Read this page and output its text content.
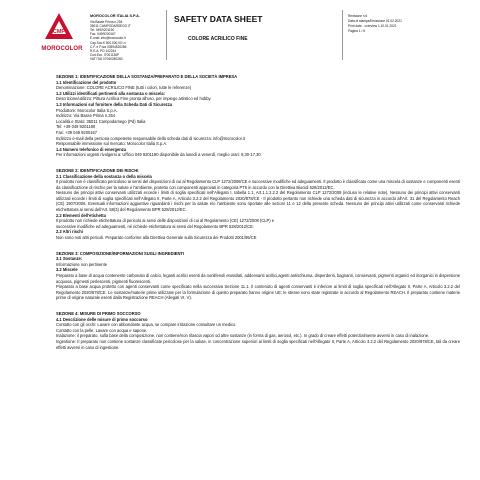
CMP
MOROCOLOR
MOROCOLOR ITALIA S.P.A.
Via Basse Prima n.254
35011 CAMPODARSEGO IT
Tel. 049/9201190
Fax. 049/9200167
E-mail: info@morocolor.it
Cap.Soc.€ 500.000,00 i.v.
C.F. e P.Iva 00594520286
R.E.A. PD 142244
Cod.Ecc. IT001136P
VAT ITAI 07040280280
SAFETY DATA SHEET
COLORE ACRILICO FINE
Revisione n.6
Data di stampa/Emissione 01.02.2021
Print date - overview 1.10.01.2021
Pagina 1 / 6
SEZIONE 1: IDENTIFICAZIONE DELLA SOSTANZA/PREPARATO E DELLA SOCIETÀ IMPRESA
1.1 Identificazione del prodotto
Denominazione: COLORE ACRILICO FINE (tutti i colori, tutte le referenze)
1.2 Utilizzi identificati pertinenti alla sostanza o miscela:
Descrizione/utilizzo: Pittura Acrilica Fine pronta all'uso, per impiego artistico ed hobby.
1.3 Informazioni sul fornitore della Scheda Dati di Sicurezza
Produttore: Morocolor Italia S.p.A.
Indirizzo: Via Basse Prima n.254
Località e Stato: 35011 Campodarsego (Pd) Italia
Tel: +39 049 9201190
Fax: +39 049 9200167
Indirizzo e-mail della persona competente responsabile della scheda dati di sicurezza: info@morocolor.it
Responsabile immissione sul mercato: Morocolor Italia S.p.A.
1.4 Numero telefonico di emergenza
Per informazioni urgenti rivolgersi a: Ufficio 049 9201190 disponibile da lunedì a venerdì, meglio orari: 8,30-17,30
SEZIONE 2: IDENTIFICAZIONE DEI RISCHI
2.1 Classificazione della sostanza o della miscela
Il prodotto non è classificato pericoloso ai sensi del disposizioni di cui al Regolamento CLP 1272/2008/CE e successive modifiche ed adeguamenti. Il prodotto è classificato come una miscela di sostanze e componenti esenti da classificazione di rischio per la salute e l'ambiente, protetto con componenti approvati in categoria PT6 in accordo con la Direttiva Biocidi 528/2012/EC.
Nessuno dei principi attivi conservanti utilizzati eccede i limiti di soglia specificati nell'Allegato I, tabella 1.1, Art.1.1.2.2.2 del Regolamento CLP 1272/2008 (incluso le relative note). Nessuno dei principi attivi conservanti utilizzati eccede i limiti di soglia specificati nell'Allegato II, Parte A, Articolo 3.2.2 del Regolamento 2020/878/CE - Il prodotto pertanto non richiede una scheda dati di sicurezza in accordo all'Art. 31 del Regolamento Reach (CE) 1907/2006. Eventuali informazioni aggiuntive riguardanti i rischi per la salute e/o l'ambiente sono riportate alle sezioni 11 e 12 della presente scheda. Nessuno dei principi attivi utilizzati come conservanti richiede etichettatura ai sensi dell'Art. 58(3) del Regolamento BPR 528/2012/EC.
2.2 Elementi dell'etichetta
Il prodotto non richiede etichettatura di pericolo ai sensi delle disposizioni di cui al Regolamento (CE) 1272/2008 (CLP) e
successive modifiche ed adeguamenti, né richiede etichettatura ai sensi del Regolamento BPR 528/2012/CE.
2.3 Altri rischi
Non sono noti altri pericoli. Preparato conforme alla Direttiva Generale sulla Sicurezza dei Prodotti 2001/95/CE
SEZIONE 3: COMPOSIZIONE/INFORMAZIONI SUGLI INGREDIENTI
3.1 Sostanze:
Informazione non pertinente
3.2 Miscele
Preparato a base di acqua contenente carbonato di calcio, leganti acrilici esenti da nonilfenoli etossilati, addensanti acrilici,agenti antischiuma, disperdenti, bagnanti, conservanti, pigmenti organici ed inorganici in dispersione acquosa, pigmenti perlescenti, pigmenti fluorescenti.
Preparato a base acqua protetto con agenti conservanti come specificato nella successiva Sezione 11.1. Il contenuto di agenti conservanti è inferiore ai limiti di soglia specificati nell'Allegato II, Parte A, Articolo 3.2.2 del Regolamento 2020/878/CE. Le sostanze/materie prime utilizzate per la formulazione di questo preparato hanno origine UE; le stesse sono state registrate in accordo al Regolamento REACH. Il preparato contiene materie prime di origine naturale esenti dalla Registrazione REACH (Allegati VI, V).
SEZIONE 4: MISURE DI PRIMO SOCCORSO
4.1 Descrizione delle misure di primo soccorso
Contatto con gli occhi: Lavare con abbondante acqua, se compare irritazione consultare un medico.
Contatto con la pelle: Lavare con acqua e sapone.
Inalazione: il preparato, sulla base della composizione, non contiene/non rilascia vapori od altre sostanze (in forma di gas, aerosol, etc.). In grado di creare effetti potenzialmente avversi in caso di inalazione.
Ingestione: Il preparato non contiene sostanze classificate pericolose per la salute, in concentrazione superiori ai limiti di soglia specificati nell'Allegato II, Parte A, Articolo 3.2.2 del Regolamento 2020/878/CE, tali da creare effetti avversi in caso di ingestione.
